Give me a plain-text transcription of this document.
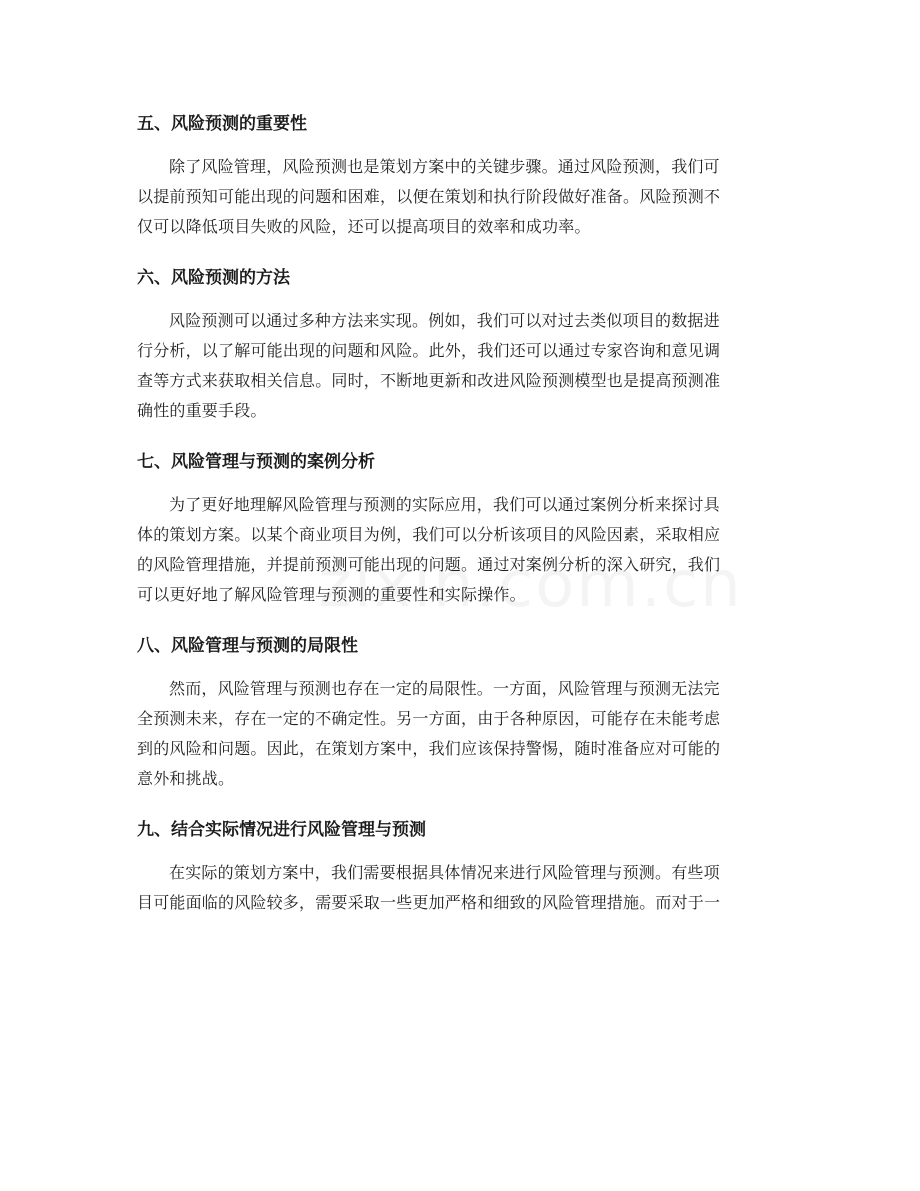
五、风险预测的重要性

除了风险管理，风险预测也是策划方案中的关键步骤。通过风险预测，我们可
以提前预知可能出现的问题和困难，以便在策划和执行阶段做好准备。风险预测不
仅可以降低项目失败的风险，还可以提高项目的效率和成功率。

六、风险预测的方法

风险预测可以通过多种方法来实现。例如，我们可以对过去类似项目的数据进
行分析，以了解可能出现的问题和风险。此外，我们还可以通过专家咨询和意见调
查等方式来获取相关信息。同时，不断地更新和改进风险预测模型也是提高预测准
确性的重要手段。

七、风险管理与预测的案例分析

为了更好地理解风险管理与预测的实际应用，我们可以通过案例分析来探讨具
体的策划方案。以某个商业项目为例，我们可以分析该项目的风险因素，采取相应
的风险管理措施，并提前预测可能出现的问题。通过对案例分析的深入研究，我们
可以更好地了解风险管理与预测的重要性和实际操作。

八、风险管理与预测的局限性

然而，风险管理与预测也存在一定的局限性。一方面，风险管理与预测无法完
全预测未来，存在一定的不确定性。另一方面，由于各种原因，可能存在未能考虑
到的风险和问题。因此，在策划方案中，我们应该保持警惕，随时准备应对可能的
意外和挑战。

九、结合实际情况进行风险管理与预测

在实际的策划方案中，我们需要根据具体情况来进行风险管理与预测。有些项
目可能面临的风险较多，需要采取一些更加严格和细致的风险管理措施。而对于一
